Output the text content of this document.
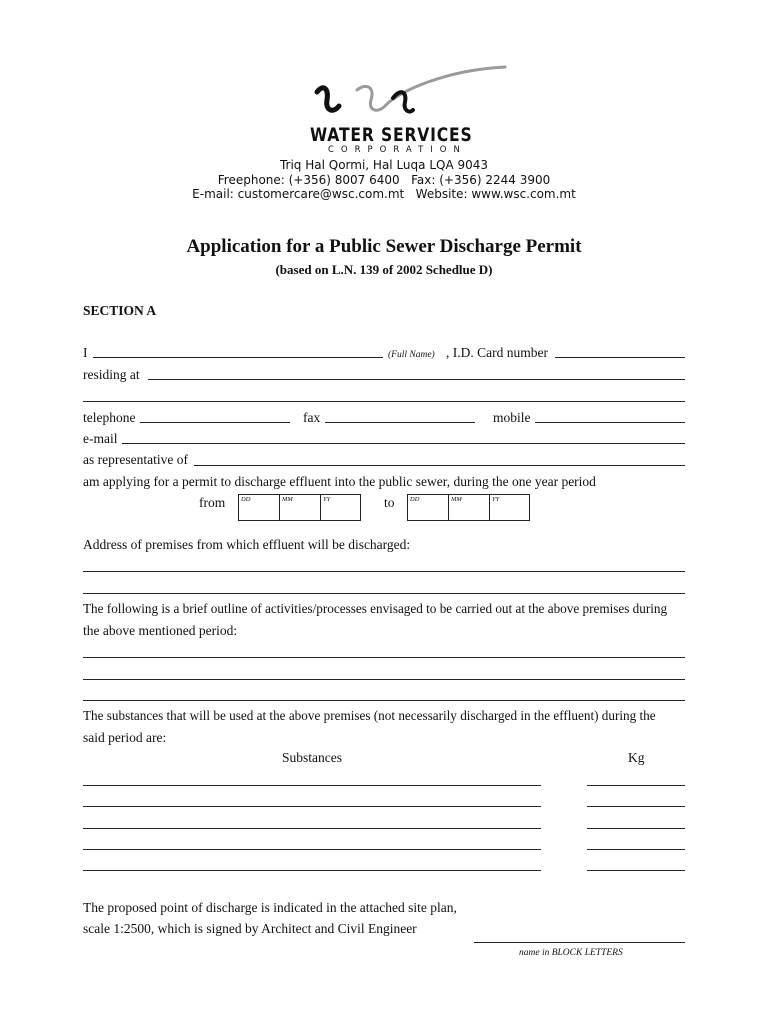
WATER SERVICES
CORPORATION
Triq Hal Qormi, Hal Luqa LQA 9043
Freephone: (+356) 8007 6400   Fax: (+356) 2244 3900
E-mail: customercare@wsc.com.mt   Website: www.wsc.com.mt
Application for a Public Sewer Discharge Permit
(based on L.N. 139 of 2002 Schedlue D)
SECTION A
I	(Full Name) , I.D. Card number
residing at
telephone	fax	mobile
e-mail
as representative of
am applying for a permit to discharge effluent into the public sewer, during the one year period
from DD	MM	YY	to DD	MM	YY
Address of premises from which effluent will be discharged:
The following is a brief outline of activities/processes envisaged to be carried out at the above premises during
the above mentioned period:
The substances that will be used at the above premises (not necessarily discharged in the effluent) during the
said period are:
Substances	Kg
The proposed point of discharge is indicated in the attached site plan,
scale 1:2500, which is signed by Architect and Civil Engineer
name in BLOCK LETTERS
